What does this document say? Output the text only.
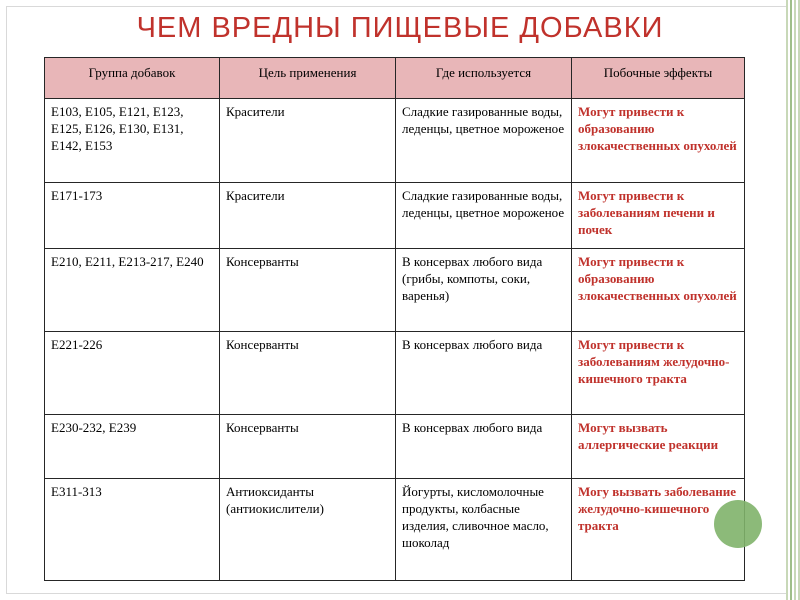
ЧЕМ ВРЕДНЫ ПИЩЕВЫЕ ДОБАВКИ
Группа добавок	Цель применения	Где используется	Побочные эффекты
Е103, Е105, Е121, Е123, Е125, Е126, Е130, Е131, Е142, Е153	Красители	Сладкие газированные воды, леденцы, цветное мороженое	Могут привести к образованию злокачественных опухолей
Е171-173	Красители	Сладкие газированные воды, леденцы, цветное мороженое	Могут привести к заболеваниям печени и почек
Е210, Е211, Е213-217, Е240	Консерванты	В консервах любого вида (грибы, компоты, соки, варенья)	Могут привести к образованию злокачественных опухолей
Е221-226	Консерванты	В консервах любого вида	Могут привести к заболеваниям желудочно-кишечного тракта
Е230-232, Е239	Консерванты	В консервах любого вида	Могут вызвать аллергические реакции
Е311-313	Антиоксиданты (антиокислители)	Йогурты, кисломолочные продукты, колбасные изделия, сливочное масло, шоколад	Могу вызвать заболевание желудочно-кишечного тракта
